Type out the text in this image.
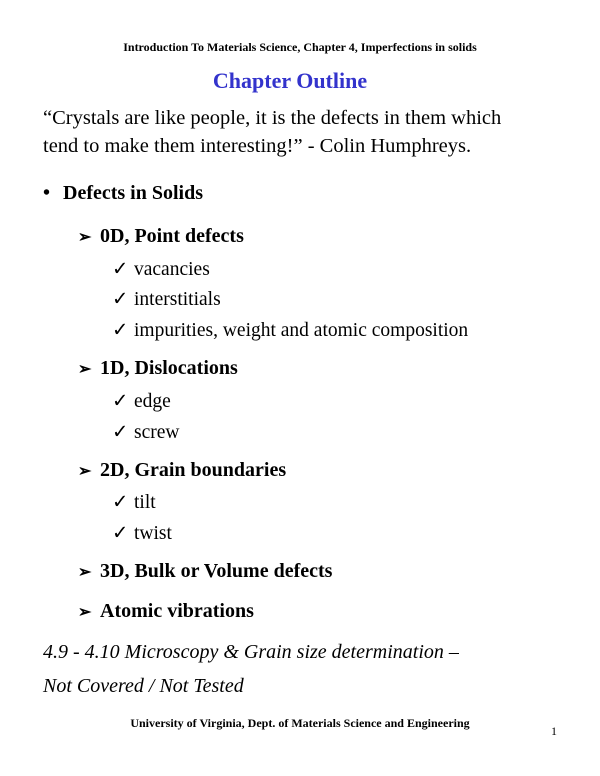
Introduction To Materials Science, Chapter 4, Imperfections in solids
Chapter Outline
“Crystals are like people, it is the defects in them which
tend to make them interesting!” - Colin Humphreys.
• Defects in Solids
➢ 0D, Point defects
✓ vacancies
✓ interstitials
✓ impurities, weight and atomic composition
➢ 1D, Dislocations
✓ edge
✓ screw
➢ 2D, Grain boundaries
✓ tilt
✓ twist
➢ 3D, Bulk or Volume defects
➢ Atomic vibrations
4.9 - 4.10 Microscopy & Grain size determination –
Not Covered / Not Tested
University of Virginia, Dept. of Materials Science and Engineering
1
